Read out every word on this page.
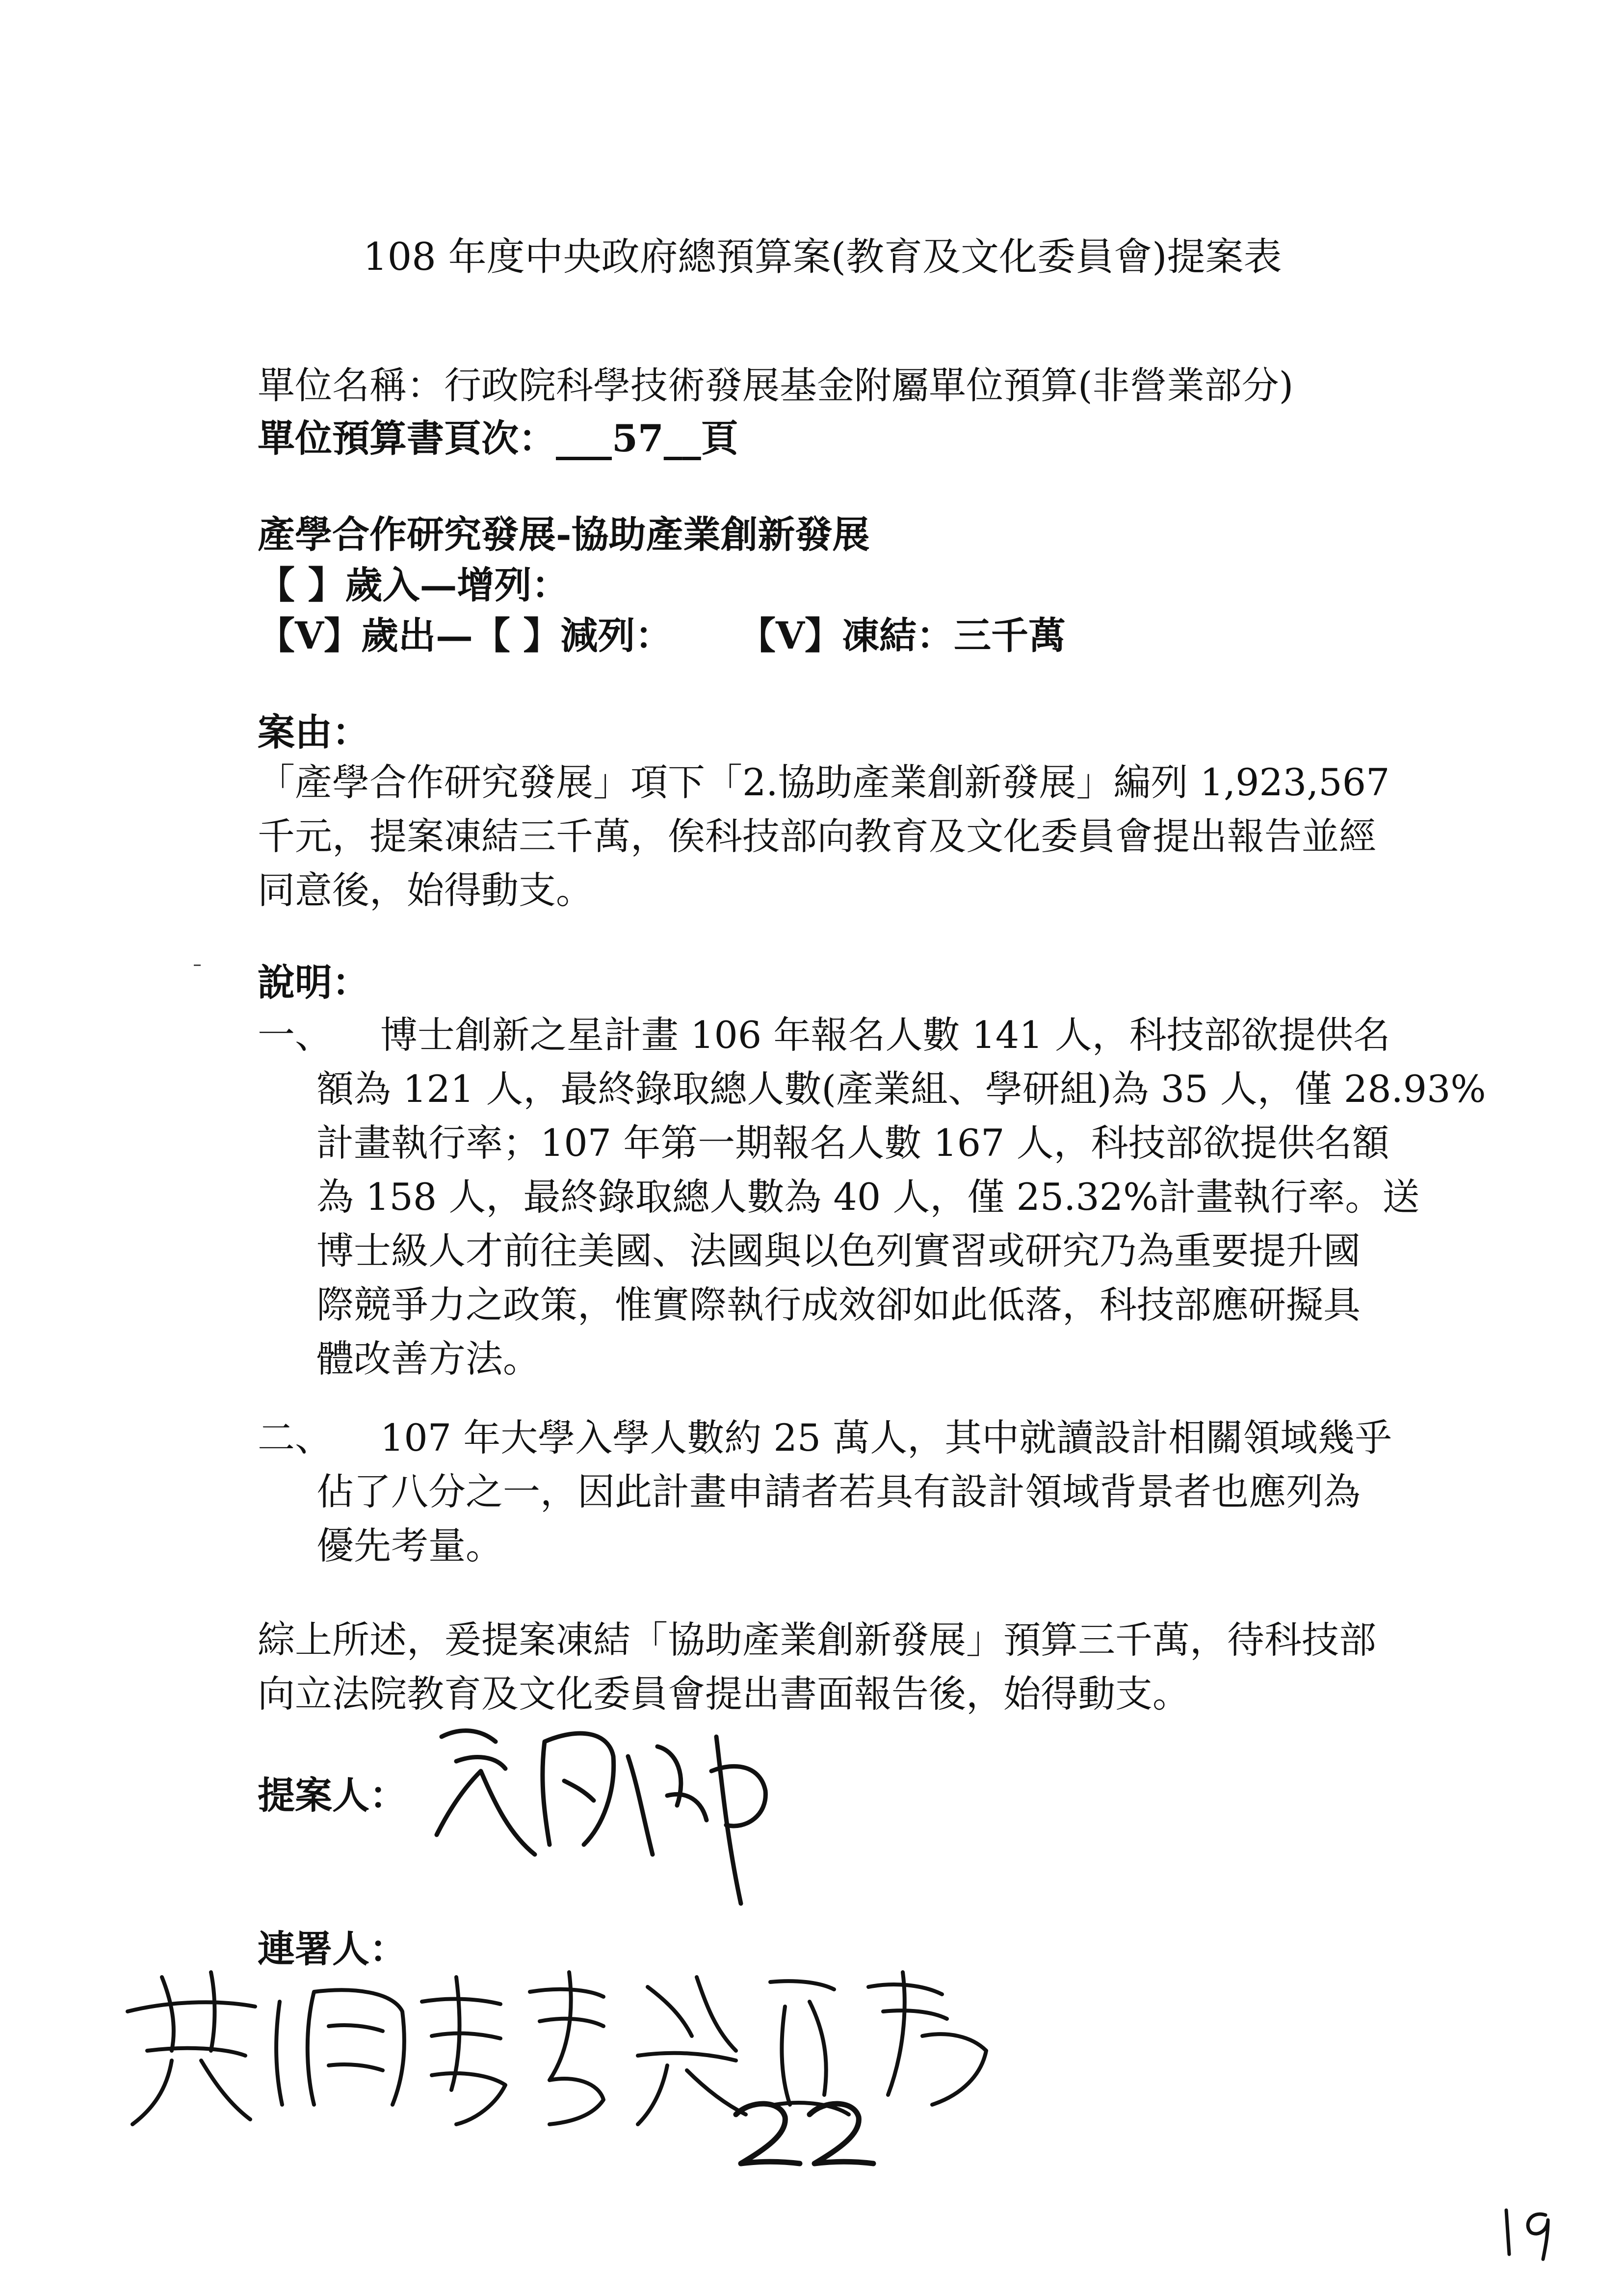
108 年度中央政府總預算案(教育及文化委員會)提案表
單位名稱：行政院科學技術發展基金附屬單位預算(非營業部分)
單位預算書頁次：___57__頁
產學合作研究發展-協助產業創新發展
【 】歲入—增列：
【V】歲出—【 】減列： 【V】凍結：三千萬
案由：
「產學合作研究發展」項下「2.協助產業創新發展」編列 1,923,567
千元，提案凍結三千萬，俟科技部向教育及文化委員會提出報告並經
同意後，始得動支。
說明：
一、 博士創新之星計畫 106 年報名人數 141 人，科技部欲提供名
額為 121 人，最終錄取總人數(產業組、學研組)為 35 人，僅 28.93%
計畫執行率；107 年第一期報名人數 167 人，科技部欲提供名額
為 158 人，最終錄取總人數為 40 人，僅 25.32%計畫執行率。送
博士級人才前往美國、法國與以色列實習或研究乃為重要提升國
際競爭力之政策，惟實際執行成效卻如此低落，科技部應研擬具
體改善方法。
二、 107 年大學入學人數約 25 萬人，其中就讀設計相關領域幾乎
佔了八分之一，因此計畫申請者若具有設計領域背景者也應列為
優先考量。
綜上所述，爰提案凍結「協助產業創新發展」預算三千萬，待科技部
向立法院教育及文化委員會提出書面報告後，始得動支。
提案人：
連署人：
22
19
